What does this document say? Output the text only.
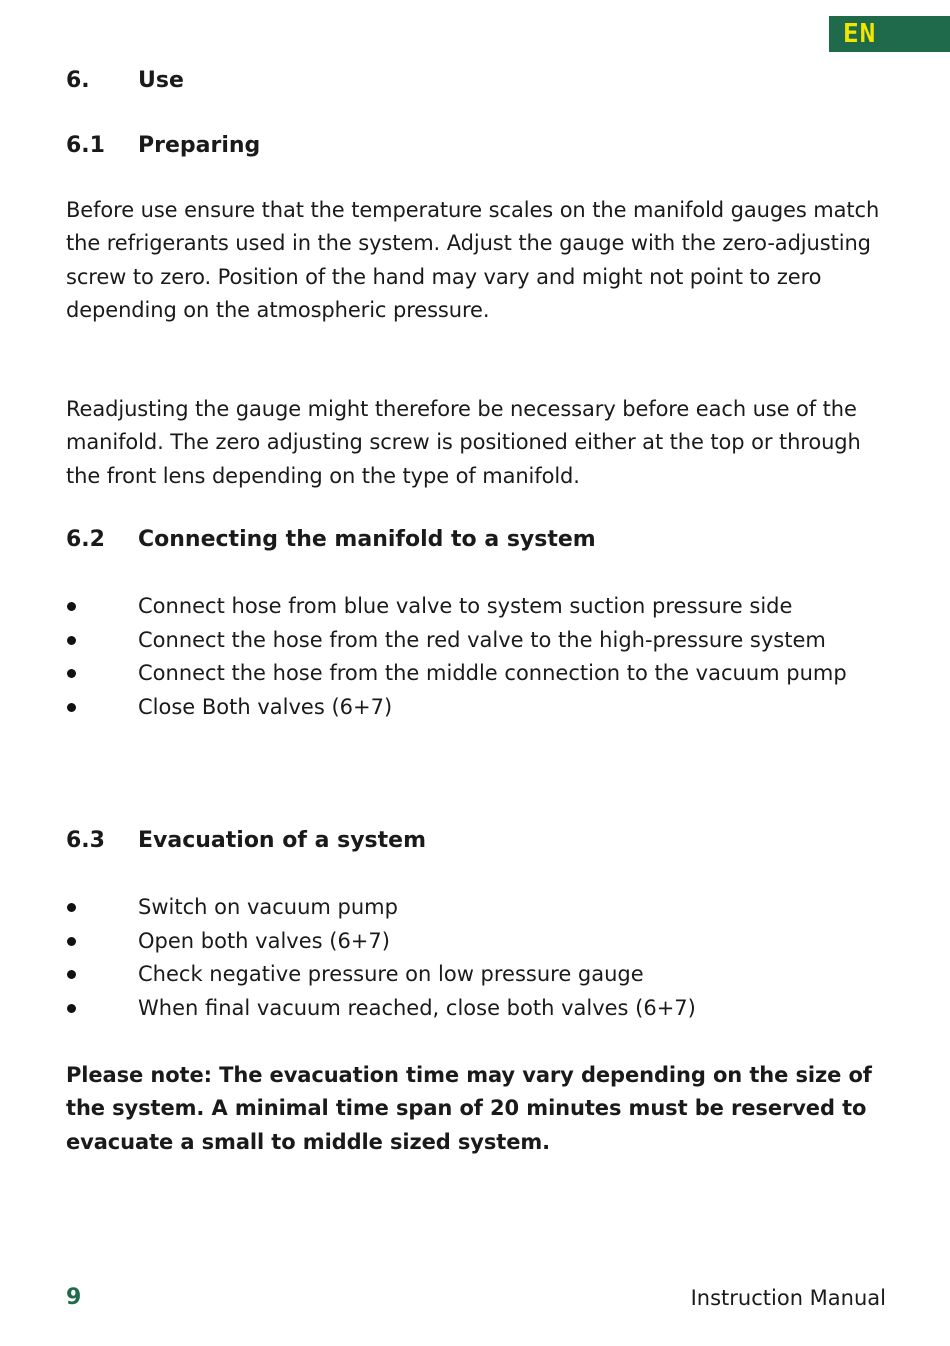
EN
6. Use
6.1 Preparing
Before use ensure that the temperature scales on the manifold gauges match the refrigerants used in the system. Adjust the gauge with the zero-adjusting screw to zero. Position of the hand may vary and might not point to zero depending on the atmospheric pressure.
Readjusting the gauge might therefore be necessary before each use of the manifold. The zero adjusting screw is positioned either at the top or through the front lens depending on the type of manifold.
6.2 Connecting the manifold to a system
Connect hose from blue valve to system suction pressure side
Connect the hose from the red valve to the high-pressure system
Connect the hose from the middle connection to the vacuum pump
Close Both valves (6+7)
6.3 Evacuation of a system
Switch on vacuum pump
Open both valves (6+7)
Check negative pressure on low pressure gauge
When final vacuum reached, close both valves (6+7)
Please note: The evacuation time may vary depending on the size of the system. A minimal time span of 20 minutes must be reserved to evacuate a small to middle sized system.
9	Instruction Manual
